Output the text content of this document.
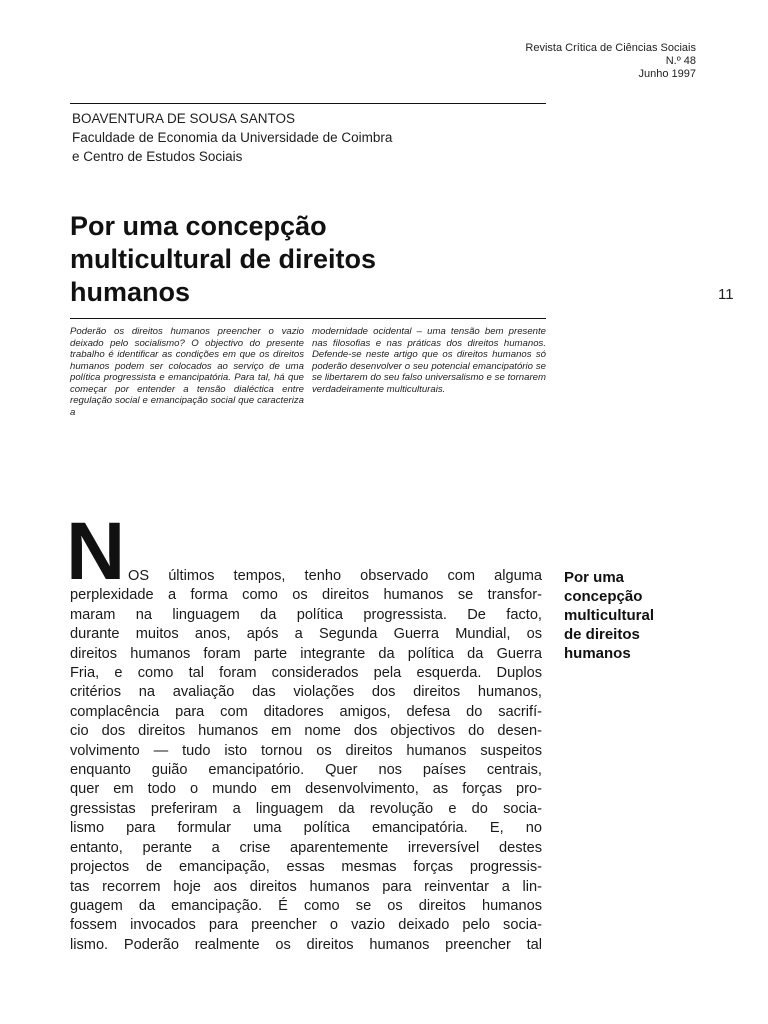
Revista Crítica de Ciências Sociais
N.º 48
Junho 1997
BOAVENTURA DE SOUSA SANTOS
Faculdade de Economia da Universidade de Coimbra
e Centro de Estudos Sociais
Por uma concepção
multicultural de direitos
humanos	11
Poderão os direitos humanos preencher o vazio deixado pelo socialismo? O objectivo do presente trabalho é identificar as condições em que os direitos humanos podem ser colocados ao serviço de uma política progressista e emancipatória. Para tal, há que começar por entender a tensão dialéctica entre regulação social e emancipação social que caracteriza a
modernidade ocidental – uma tensão bem presente nas filosofias e nas práticas dos direitos humanos. Defende-se neste artigo que os direitos humanos só poderão desenvolver o seu potencial emancipatório se se libertarem do seu falso universalismo e se tornarem verdadeiramente multiculturais.
N OS últimos tempos, tenho observado com alguma
perplexidade a forma como os direitos humanos se transfor-
maram na linguagem da política progressista. De facto,
durante muitos anos, após a Segunda Guerra Mundial, os
direitos humanos foram parte integrante da política da Guerra
Fria, e como tal foram considerados pela esquerda. Duplos
critérios na avaliação das violações dos direitos humanos,
complacência para com ditadores amigos, defesa do sacrifí-
cio dos direitos humanos em nome dos objectivos do desen-
volvimento — tudo isto tornou os direitos humanos suspeitos
enquanto guião emancipatório. Quer nos países centrais,
quer em todo o mundo em desenvolvimento, as forças pro-
gressistas preferiram a linguagem da revolução e do socia-
lismo para formular uma política emancipatória. E, no
entanto, perante a crise aparentemente irreversível destes
projectos de emancipação, essas mesmas forças progressis-
tas recorrem hoje aos direitos humanos para reinventar a lin-
guagem da emancipação. É como se os direitos humanos
fossem invocados para preencher o vazio deixado pelo socia-
lismo. Poderão realmente os direitos humanos preencher tal
Por uma
concepção
multicultural
de direitos
humanos
